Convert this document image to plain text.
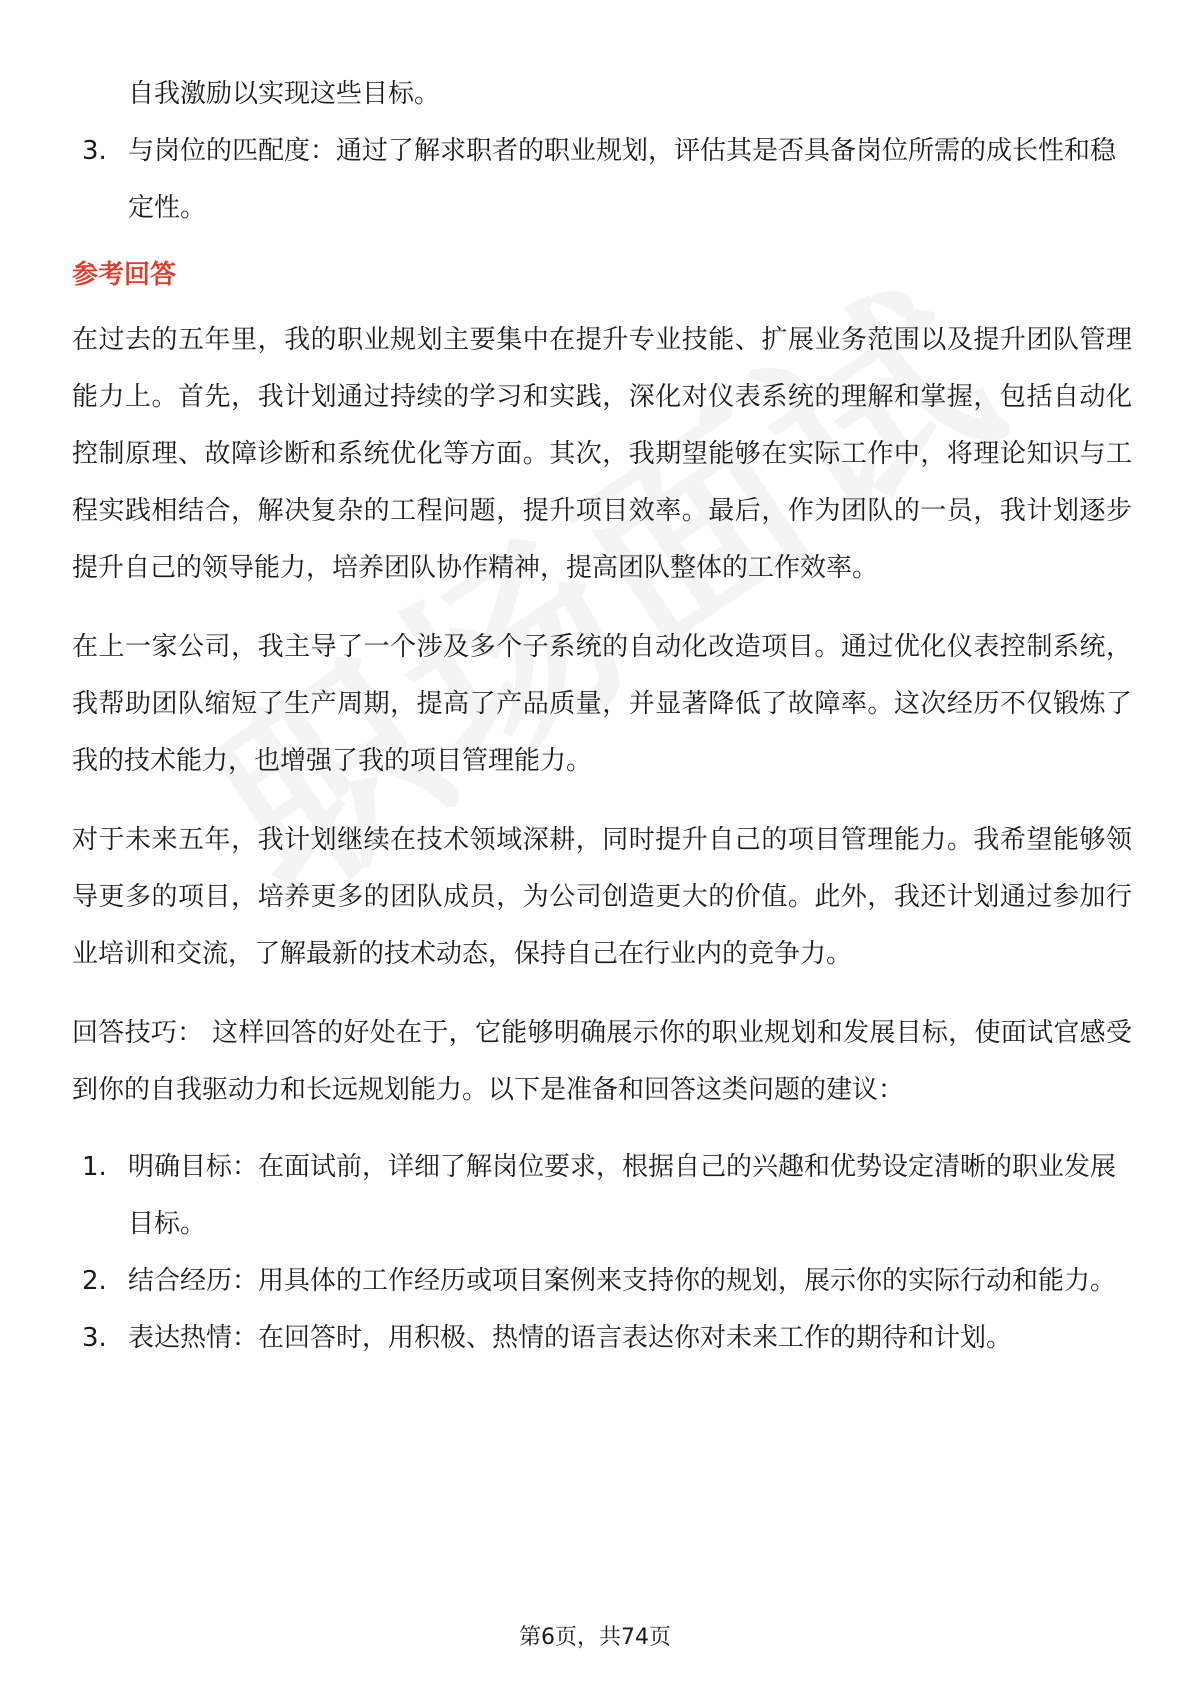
自我激励以实现这些目标。
3. 与岗位的匹配度：通过了解求职者的职业规划，评估其是否具备岗位所需的成长性和稳定性。
参考回答

在过去的五年里，我的职业规划主要集中在提升专业技能、扩展业务范围以及提升团队管理能力上。首先，我计划通过持续的学习和实践，深化对仪表系统的理解和掌握，包括自动化控制原理、故障诊断和系统优化等方面。其次，我期望能够在实际工作中，将理论知识与工程实践相结合，解决复杂的工程问题，提升项目效率。最后，作为团队的一员，我计划逐步提升自己的领导能力，培养团队协作精神，提高团队整体的工作效率。

在上一家公司，我主导了一个涉及多个子系统的自动化改造项目。通过优化仪表控制系统，我帮助团队缩短了生产周期，提高了产品质量，并显著降低了故障率。这次经历不仅锻炼了我的技术能力，也增强了我的项目管理能力。

对于未来五年，我计划继续在技术领域深耕，同时提升自己的项目管理能力。我希望能够领导更多的项目，培养更多的团队成员，为公司创造更大的价值。此外，我还计划通过参加行业培训和交流，了解最新的技术动态，保持自己在行业内的竞争力。

回答技巧： 这样回答的好处在于，它能够明确展示你的职业规划和发展目标，使面试官感受到你的自我驱动力和长远规划能力。以下是准备和回答这类问题的建议：

1. 明确目标：在面试前，详细了解岗位要求，根据自己的兴趣和优势设定清晰的职业发展目标。
2. 结合经历：用具体的工作经历或项目案例来支持你的规划，展示你的实际行动和能力。
3. 表达热情：在回答时，用积极、热情的语言表达你对未来工作的期待和计划。
第6页，共74页
